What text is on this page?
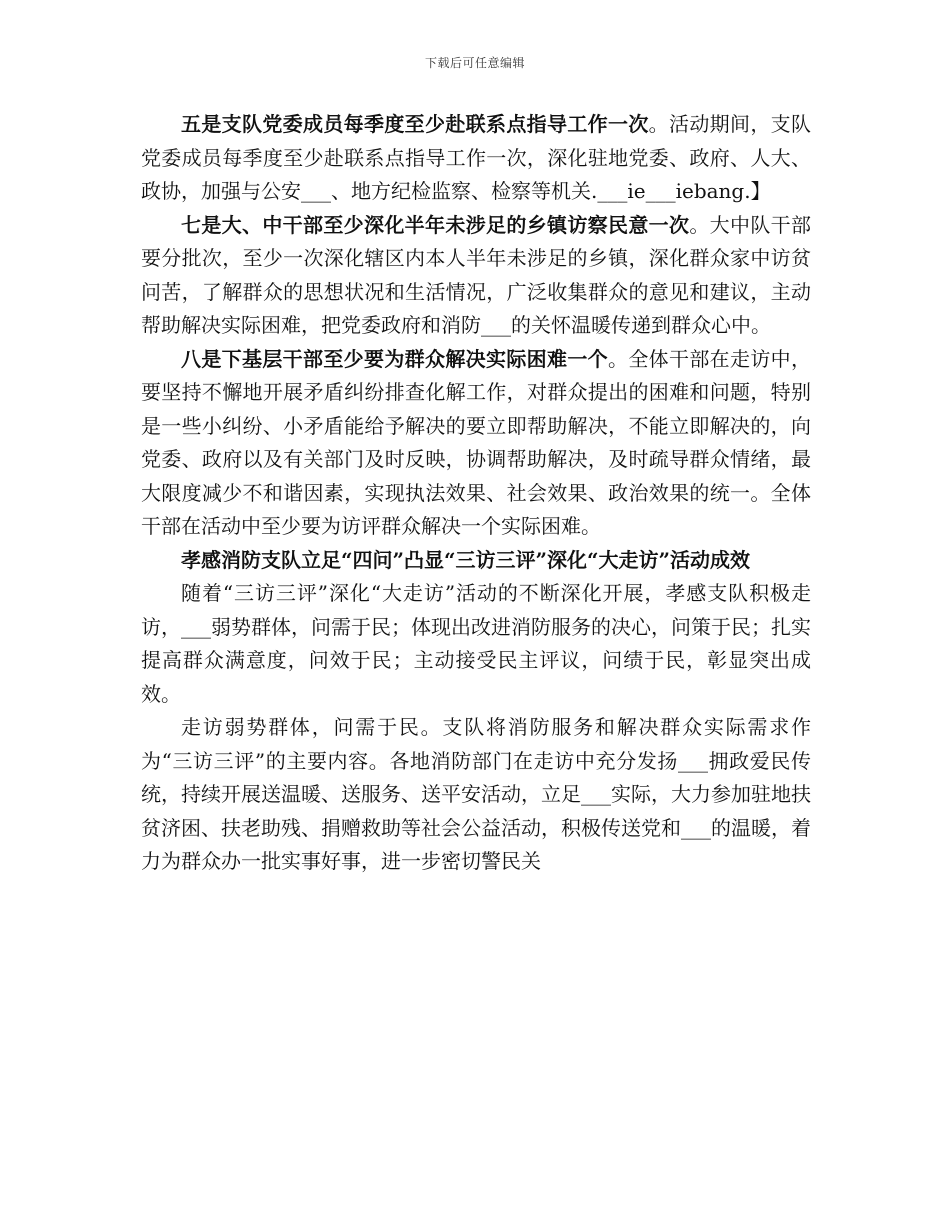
下载后可任意编辑

五是支队党委成员每季度至少赴联系点指导工作一次。活动期间，支队党委成员每季度至少赴联系点指导工作一次，深化驻地党委、政府、人大、政协，加强与公安___、地方纪检监察、检察等机关.___ie___iebang.】

七是大、中干部至少深化半年未涉足的乡镇访察民意一次。大中队干部要分批次，至少一次深化辖区内本人半年未涉足的乡镇，深化群众家中访贫问苦，了解群众的思想状况和生活情况，广泛收集群众的意见和建议，主动帮助解决实际困难，把党委政府和消防___的关怀温暖传递到群众心中。

八是下基层干部至少要为群众解决实际困难一个。全体干部在走访中，要坚持不懈地开展矛盾纠纷排查化解工作，对群众提出的困难和问题，特别是一些小纠纷、小矛盾能给予解决的要立即帮助解决，不能立即解决的，向党委、政府以及有关部门及时反映，协调帮助解决，及时疏导群众情绪，最大限度减少不和谐因素，实现执法效果、社会效果、政治效果的统一。全体干部在活动中至少要为访评群众解决一个实际困难。

孝感消防支队立足“四问”凸显“三访三评”深化“大走访”活动成效

随着“三访三评”深化“大走访”活动的不断深化开展，孝感支队积极走访，___弱势群体，问需于民；体现出改进消防服务的决心，问策于民；扎实提高群众满意度，问效于民；主动接受民主评议，问绩于民，彰显突出成效。

走访弱势群体，问需于民。支队将消防服务和解决群众实际需求作为“三访三评”的主要内容。各地消防部门在走访中充分发扬___拥政爱民传统，持续开展送温暖、送服务、送平安活动，立足___实际，大力参加驻地扶贫济困、扶老助残、捐赠救助等社会公益活动，积极传送党和___的温暖，着力为群众办一批实事好事，进一步密切警民关
